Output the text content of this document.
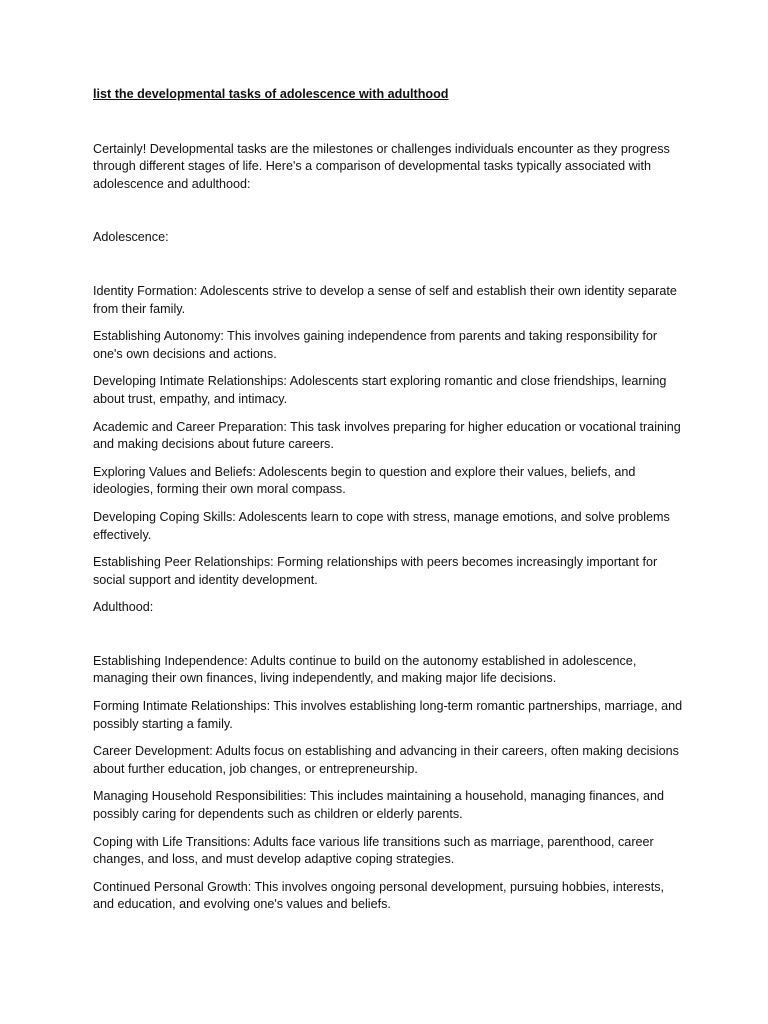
list the developmental tasks of adolescence with adulthood

Certainly! Developmental tasks are the milestones or challenges individuals encounter as they progress through different stages of life. Here's a comparison of developmental tasks typically associated with adolescence and adulthood:

Adolescence:

Identity Formation: Adolescents strive to develop a sense of self and establish their own identity separate from their family.
Establishing Autonomy: This involves gaining independence from parents and taking responsibility for one's own decisions and actions.
Developing Intimate Relationships: Adolescents start exploring romantic and close friendships, learning about trust, empathy, and intimacy.
Academic and Career Preparation: This task involves preparing for higher education or vocational training and making decisions about future careers.
Exploring Values and Beliefs: Adolescents begin to question and explore their values, beliefs, and ideologies, forming their own moral compass.
Developing Coping Skills: Adolescents learn to cope with stress, manage emotions, and solve problems effectively.
Establishing Peer Relationships: Forming relationships with peers becomes increasingly important for social support and identity development.

Adulthood:

Establishing Independence: Adults continue to build on the autonomy established in adolescence, managing their own finances, living independently, and making major life decisions.
Forming Intimate Relationships: This involves establishing long-term romantic partnerships, marriage, and possibly starting a family.
Career Development: Adults focus on establishing and advancing in their careers, often making decisions about further education, job changes, or entrepreneurship.
Managing Household Responsibilities: This includes maintaining a household, managing finances, and possibly caring for dependents such as children or elderly parents.
Coping with Life Transitions: Adults face various life transitions such as marriage, parenthood, career changes, and loss, and must develop adaptive coping strategies.
Continued Personal Growth: This involves ongoing personal development, pursuing hobbies, interests, and education, and evolving one's values and beliefs.
